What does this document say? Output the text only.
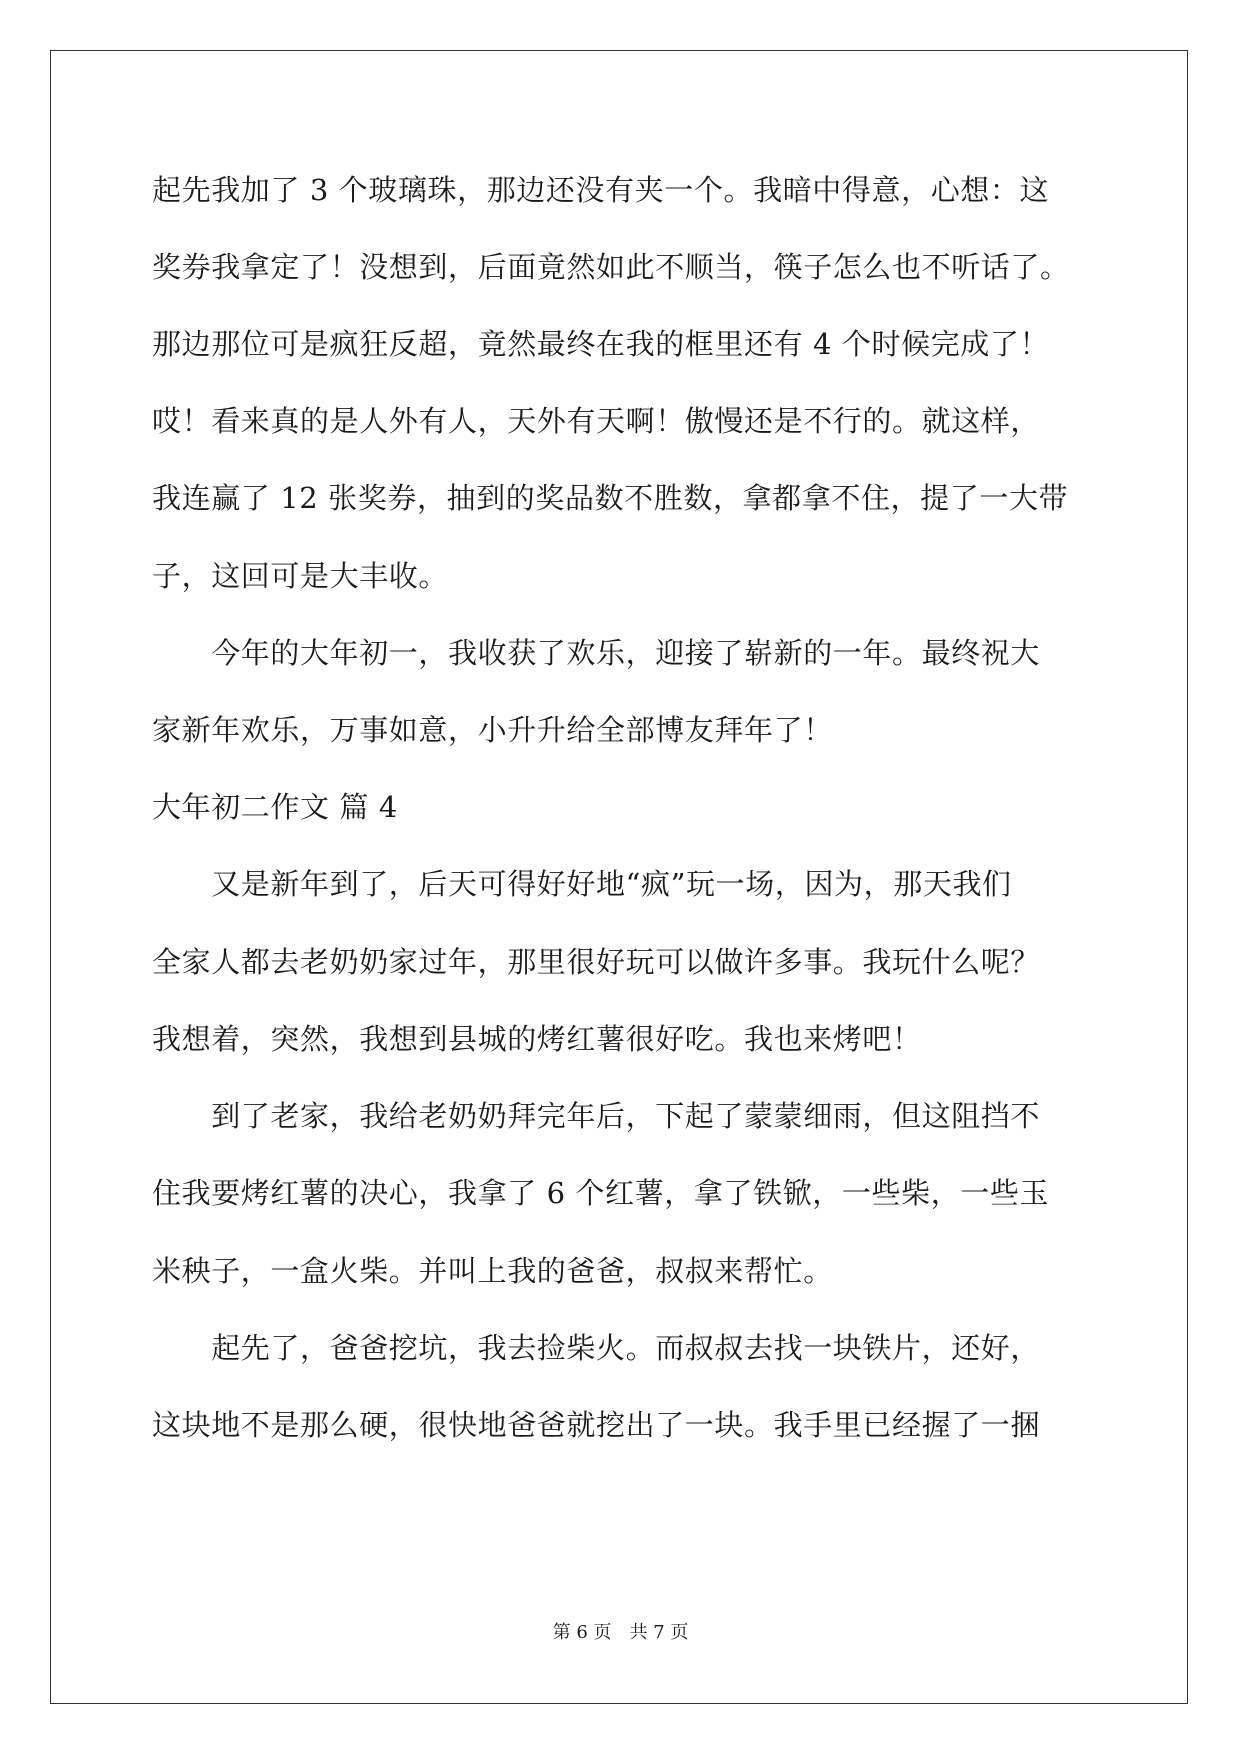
起先我加了 3 个玻璃珠，那边还没有夹一个。我暗中得意，心想：这
奖券我拿定了！没想到，后面竟然如此不顺当，筷子怎么也不听话了。
那边那位可是疯狂反超，竟然最终在我的框里还有 4 个时候完成了！
哎！看来真的是人外有人，天外有天啊！傲慢还是不行的。就这样，
我连赢了 12 张奖券，抽到的奖品数不胜数，拿都拿不住，提了一大带
子，这回可是大丰收。
　　今年的大年初一，我收获了欢乐，迎接了崭新的一年。最终祝大
家新年欢乐，万事如意，小升升给全部博友拜年了！
大年初二作文 篇 4
　　又是新年到了，后天可得好好地“疯”玩一场，因为，那天我们
全家人都去老奶奶家过年，那里很好玩可以做许多事。我玩什么呢？
我想着，突然，我想到县城的烤红薯很好吃。我也来烤吧！
　　到了老家，我给老奶奶拜完年后，下起了蒙蒙细雨，但这阻挡不
住我要烤红薯的决心，我拿了 6 个红薯，拿了铁锨，一些柴，一些玉
米秧子，一盒火柴。并叫上我的爸爸，叔叔来帮忙。
　　起先了，爸爸挖坑，我去捡柴火。而叔叔去找一块铁片，还好，
这块地不是那么硬，很快地爸爸就挖出了一块。我手里已经握了一捆
第 6 页　共 7 页
